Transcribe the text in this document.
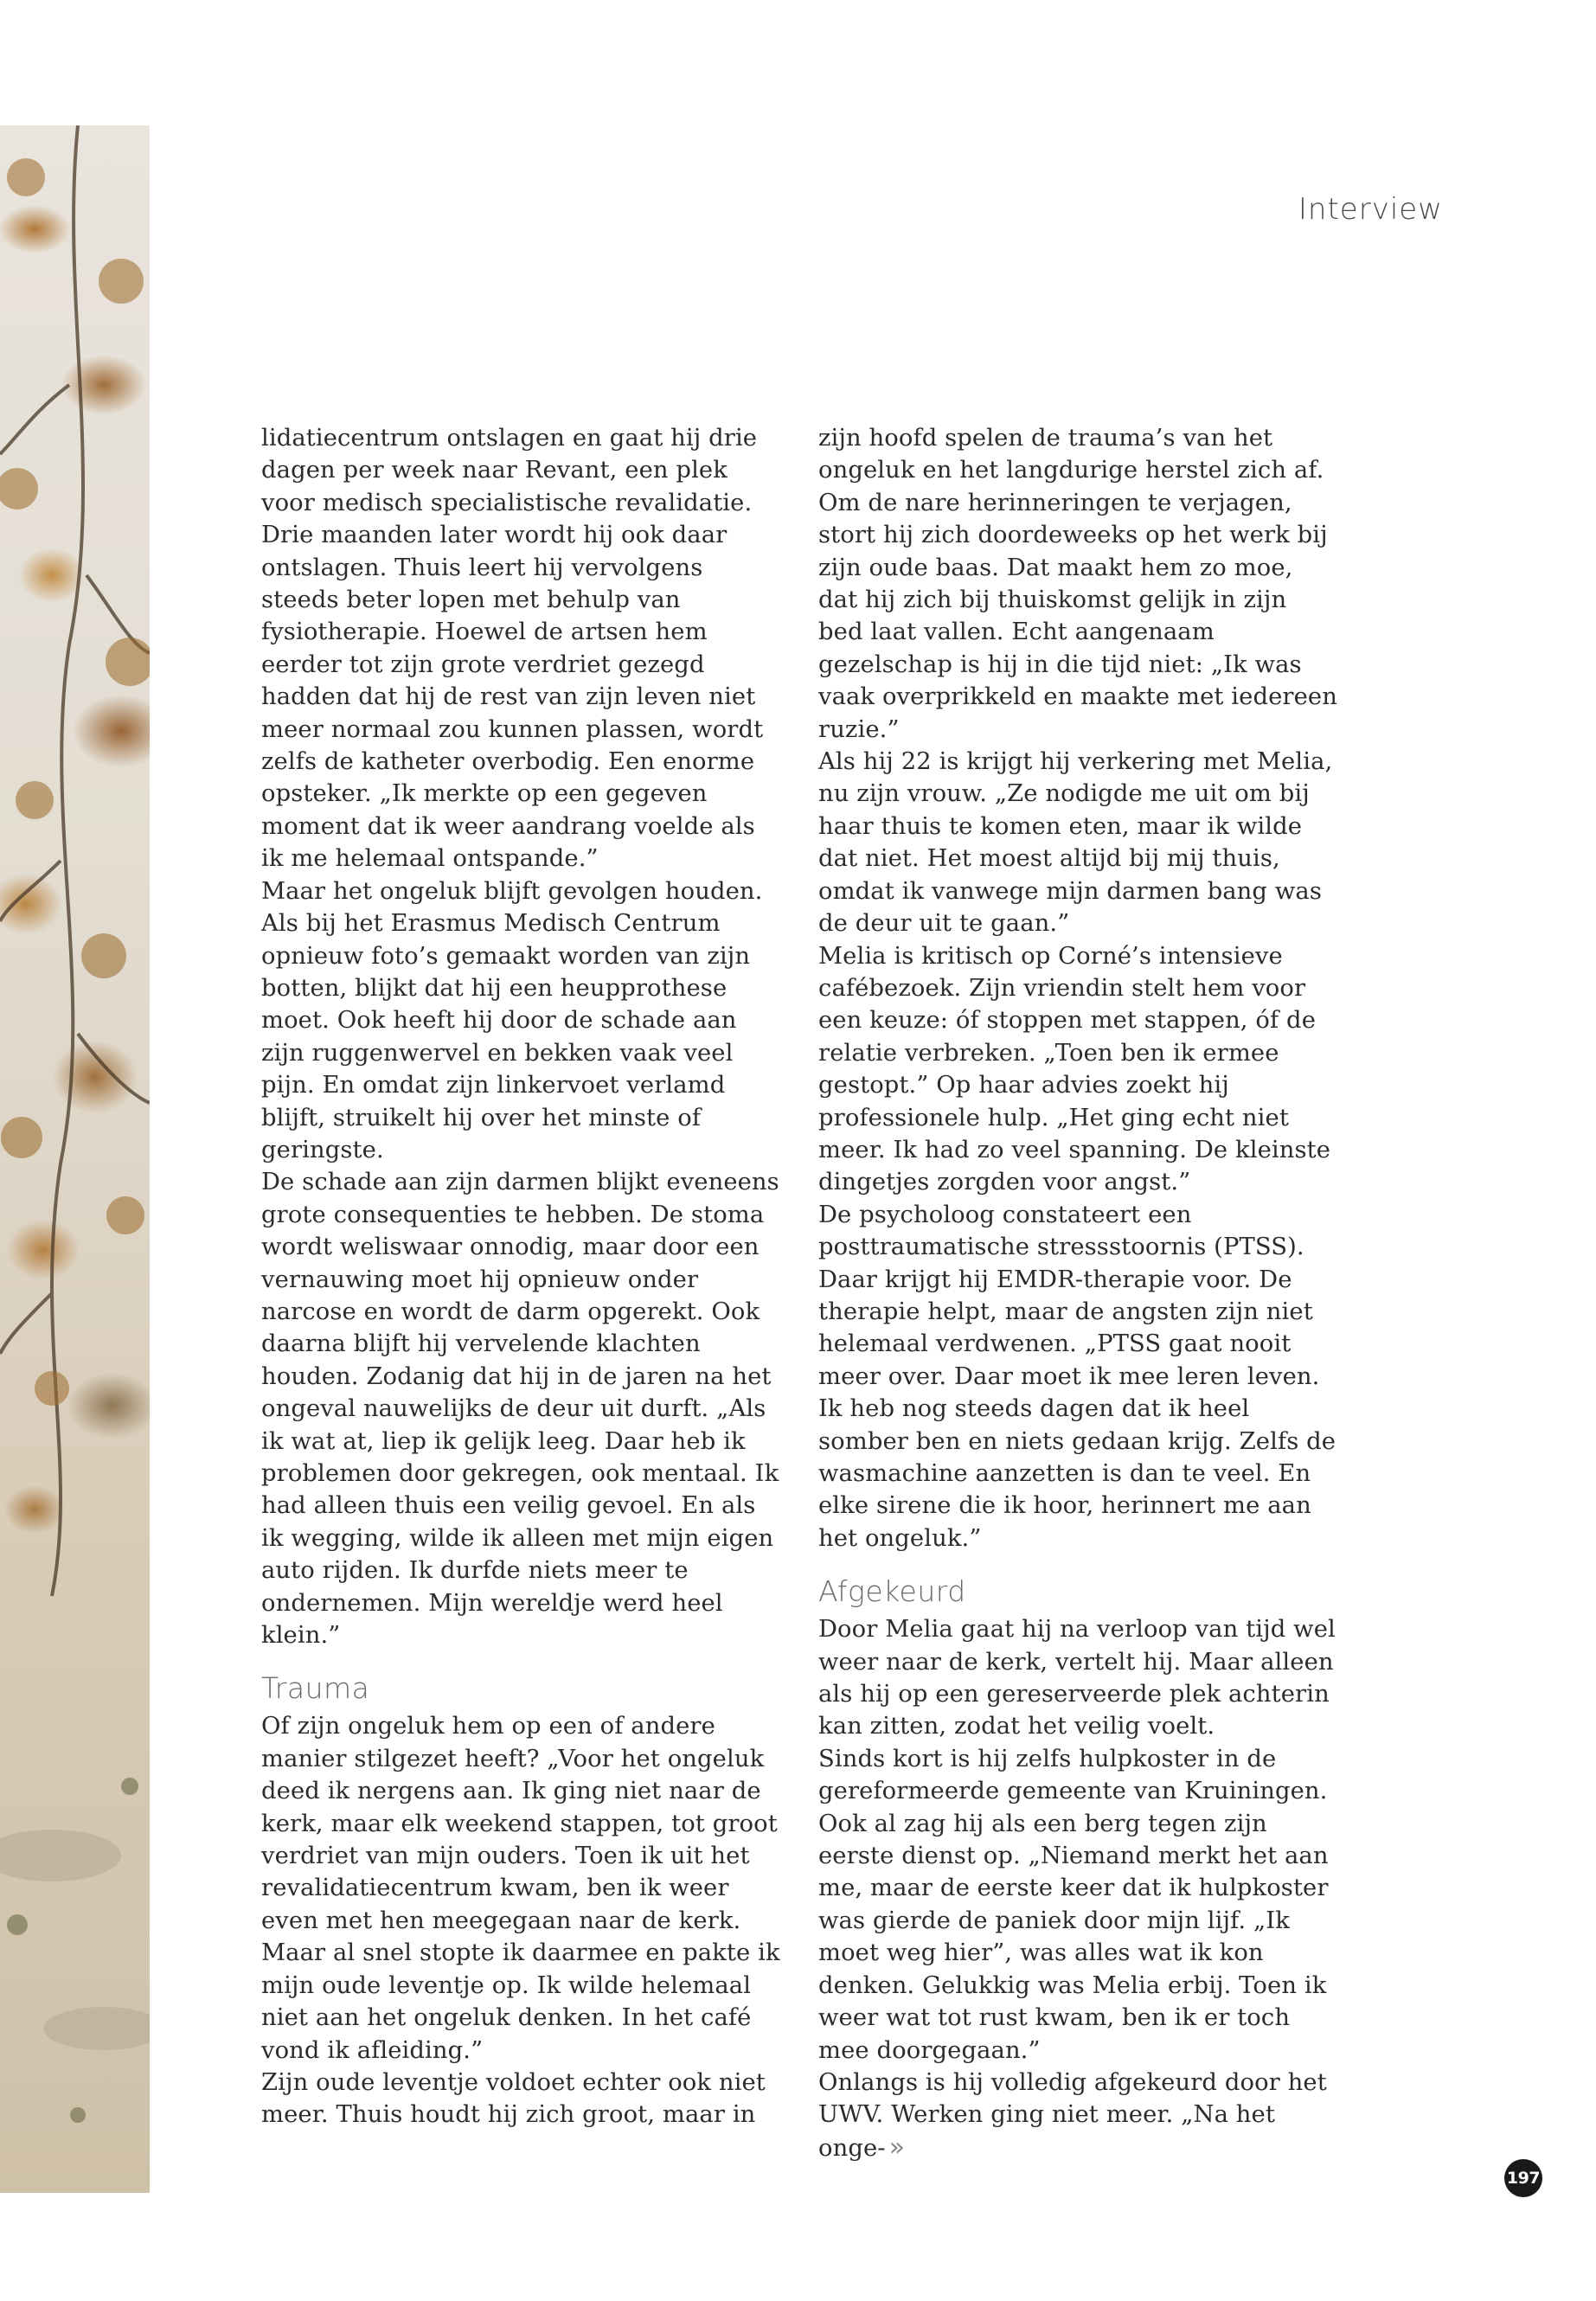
Interview

lidatiecentrum ontslagen en gaat hij drie dagen per week naar Revant, een plek voor medisch specialistische revalidatie. Drie maanden later wordt hij ook daar ontslagen. Thuis leert hij vervolgens steeds beter lopen met behulp van fysiotherapie. Hoewel de artsen hem eerder tot zijn grote verdriet gezegd hadden dat hij de rest van zijn leven niet meer normaal zou kunnen plassen, wordt zelfs de katheter overbodig. Een enorme opsteker. „Ik merkte op een gegeven moment dat ik weer aandrang voelde als ik me helemaal ontspande.”

Maar het ongeluk blijft gevolgen houden. Als bij het Erasmus Medisch Centrum opnieuw foto’s gemaakt worden van zijn botten, blijkt dat hij een heupprothese moet. Ook heeft hij door de schade aan zijn ruggenwervel en bekken vaak veel pijn. En omdat zijn linkervoet verlamd blijft, struikelt hij over het minste of geringste.

De schade aan zijn darmen blijkt eveneens grote consequenties te hebben. De stoma wordt weliswaar onnodig, maar door een vernauwing moet hij opnieuw onder narcose en wordt de darm opgerekt. Ook daarna blijft hij vervelende klachten houden. Zodanig dat hij in de jaren na het ongeval nauwelijks de deur uit durft. „Als ik wat at, liep ik gelijk leeg. Daar heb ik problemen door gekregen, ook mentaal. Ik had alleen thuis een veilig gevoel. En als ik wegging, wilde ik alleen met mijn eigen auto rijden. Ik durfde niets meer te ondernemen. Mijn wereldje werd heel klein.”

Trauma

Of zijn ongeluk hem op een of andere manier stilgezet heeft? „Voor het ongeluk deed ik nergens aan. Ik ging niet naar de kerk, maar elk weekend stappen, tot groot verdriet van mijn ouders. Toen ik uit het revalidatiecentrum kwam, ben ik weer even met hen meegegaan naar de kerk. Maar al snel stopte ik daarmee en pakte ik mijn oude leventje op. Ik wilde helemaal niet aan het ongeluk denken. In het café vond ik afleiding.”

Zijn oude leventje voldoet echter ook niet meer. Thuis houdt hij zich groot, maar in

zijn hoofd spelen de trauma’s van het ongeluk en het langdurige herstel zich af. Om de nare herinneringen te verjagen, stort hij zich doordeweeks op het werk bij zijn oude baas. Dat maakt hem zo moe, dat hij zich bij thuiskomst gelijk in zijn bed laat vallen. Echt aangenaam gezelschap is hij in die tijd niet: „Ik was vaak overprikkeld en maakte met iedereen ruzie.”

Als hij 22 is krijgt hij verkering met Melia, nu zijn vrouw. „Ze nodigde me uit om bij haar thuis te komen eten, maar ik wilde dat niet. Het moest altijd bij mij thuis, omdat ik vanwege mijn darmen bang was de deur uit te gaan.”

Melia is kritisch op Corné’s intensieve cafébezoek. Zijn vriendin stelt hem voor een keuze: óf stoppen met stappen, óf de relatie verbreken. „Toen ben ik ermee gestopt.” Op haar advies zoekt hij professionele hulp. „Het ging echt niet meer. Ik had zo veel spanning. De kleinste dingetjes zorgden voor angst.”

De psycholoog constateert een posttraumatische stressstoornis (PTSS). Daar krijgt hij EMDR-therapie voor. De therapie helpt, maar de angsten zijn niet helemaal verdwenen. „PTSS gaat nooit meer over. Daar moet ik mee leren leven. Ik heb nog steeds dagen dat ik heel somber ben en niets gedaan krijg. Zelfs de wasmachine aanzetten is dan te veel. En elke sirene die ik hoor, herinnert me aan het ongeluk.”

Afgekeurd

Door Melia gaat hij na verloop van tijd wel weer naar de kerk, vertelt hij. Maar alleen als hij op een gereserveerde plek achterin kan zitten, zodat het veilig voelt.

Sinds kort is hij zelfs hulpkoster in de gereformeerde gemeente van Kruiningen. Ook al zag hij als een berg tegen zijn eerste dienst op. „Niemand merkt het aan me, maar de eerste keer dat ik hulpkoster was gierde de paniek door mijn lijf. „Ik moet weg hier”, was alles wat ik kon denken. Gelukkig was Melia erbij. Toen ik weer wat tot rust kwam, ben ik er toch mee doorgegaan.”

Onlangs is hij volledig afgekeurd door het UWV. Werken ging niet meer. „Na het onge- »

197
